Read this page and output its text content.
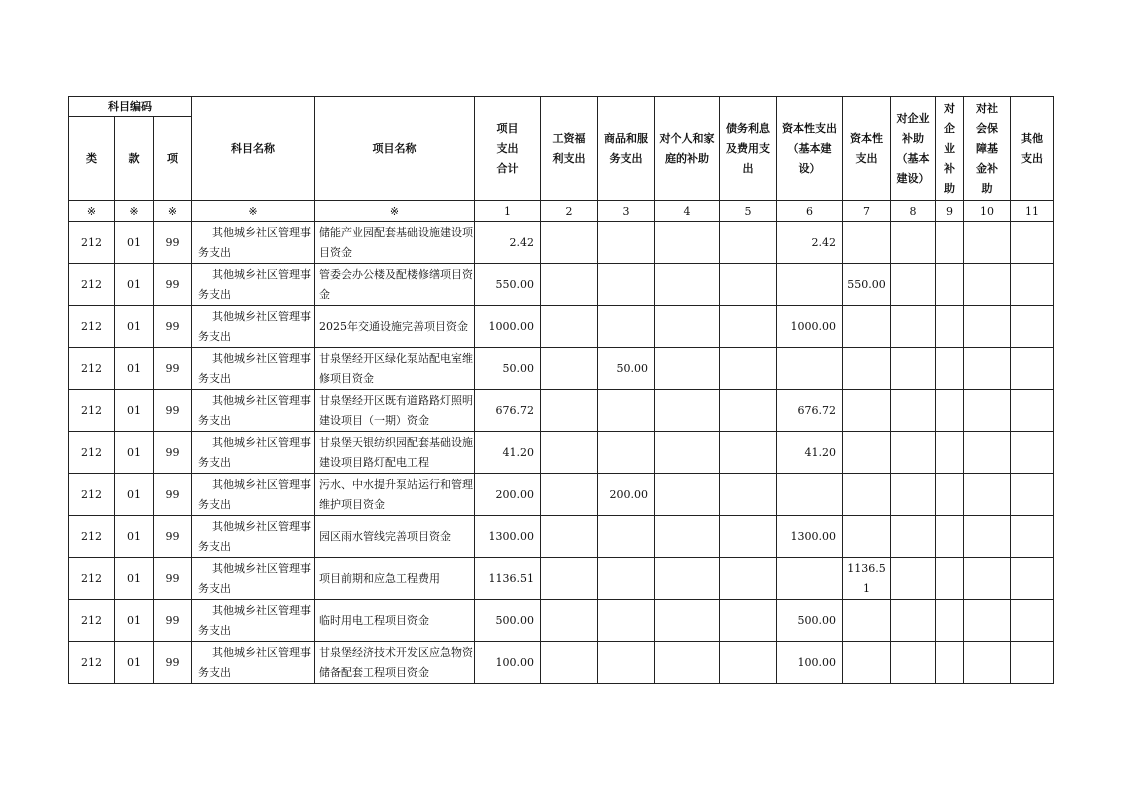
科目编码			科目名称	项目名称	项目支出合计	工资福利支出	商品和服务支出	对个人和家庭的补助	债务利息及费用支出	资本性支出（基本建设）	资本性支出	对企业补助（基本建设）	对企业补助	对社会保障基金补助	其他支出
类	款	项													
※	※	※	※	※	1	2	3	4	5	6	7	8	9	10	11
212	01	99	其他城乡社区管理事务支出	储能产业园配套基础设施建设项目资金	2.42					2.42					
212	01	99	其他城乡社区管理事务支出	管委会办公楼及配楼修缮项目资金	550.00						550.00				
212	01	99	其他城乡社区管理事务支出	2025年交通设施完善项目资金	1000.00					1000.00					
212	01	99	其他城乡社区管理事务支出	甘泉堡经开区绿化泵站配电室维修项目资金	50.00		50.00								
212	01	99	其他城乡社区管理事务支出	甘泉堡经开区既有道路路灯照明建设项目（一期）资金	676.72					676.72					
212	01	99	其他城乡社区管理事务支出	甘泉堡天银纺织园配套基础设施建设项目路灯配电工程	41.20					41.20					
212	01	99	其他城乡社区管理事务支出	污水、中水提升泵站运行和管理维护项目资金	200.00		200.00								
212	01	99	其他城乡社区管理事务支出	园区雨水管线完善项目资金	1300.00					1300.00					
212	01	99	其他城乡社区管理事务支出	项目前期和应急工程费用	1136.51						1136.51				
212	01	99	其他城乡社区管理事务支出	临时用电工程项目资金	500.00					500.00					
212	01	99	其他城乡社区管理事务支出	甘泉堡经济技术开发区应急物资储备配套工程项目资金	100.00					100.00					
